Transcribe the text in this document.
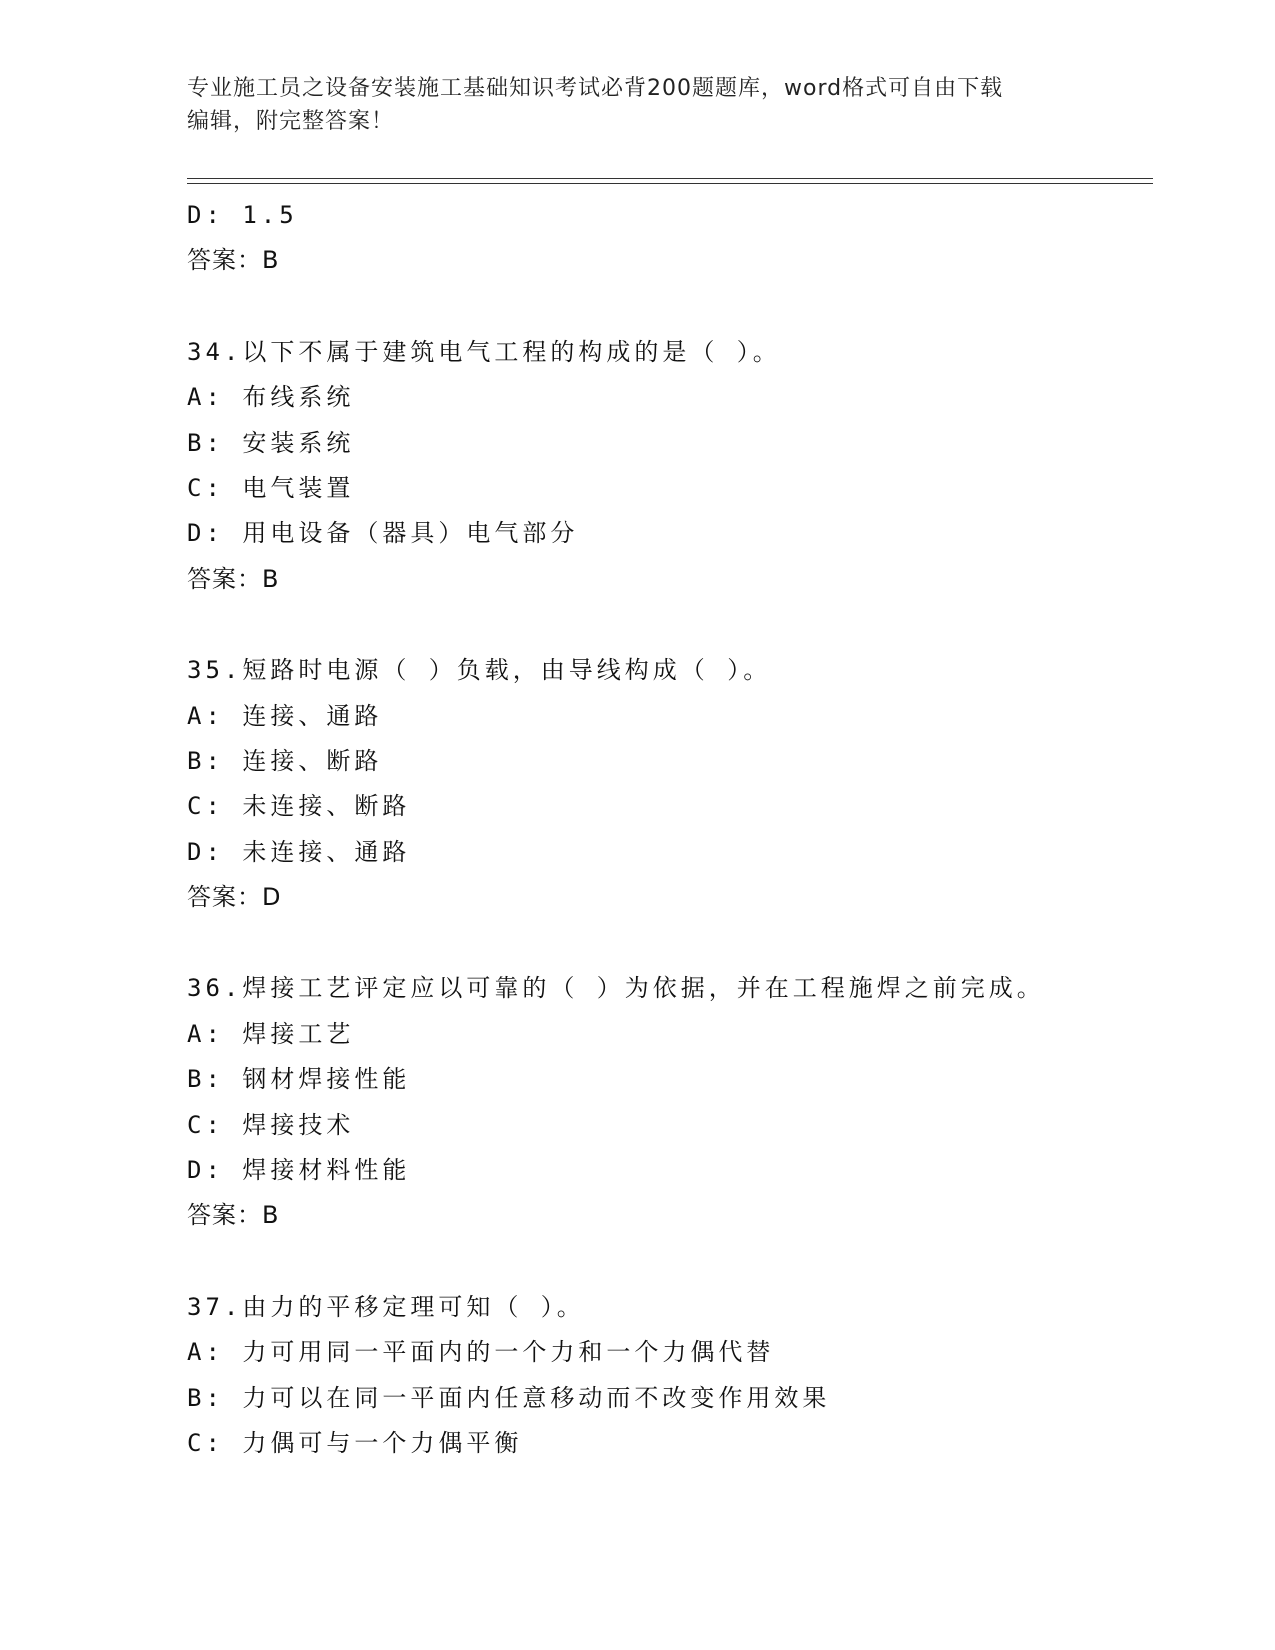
专业施工员之设备安装施工基础知识考试必背200题题库，word格式可自由下载
编辑，附完整答案！
D: 1.5
答案：B
34.以下不属于建筑电气工程的构成的是（ ）。
A: 布线系统
B: 安装系统
C: 电气装置
D: 用电设备（器具）电气部分
答案：B
35.短路时电源（ ）负载，由导线构成（ ）。
A: 连接、通路
B: 连接、断路
C: 未连接、断路
D: 未连接、通路
答案：D
36.焊接工艺评定应以可靠的（ ）为依据，并在工程施焊之前完成。
A: 焊接工艺
B: 钢材焊接性能
C: 焊接技术
D: 焊接材料性能
答案：B
37.由力的平移定理可知（ ）。
A: 力可用同一平面内的一个力和一个力偶代替
B: 力可以在同一平面内任意移动而不改变作用效果
C: 力偶可与一个力偶平衡
